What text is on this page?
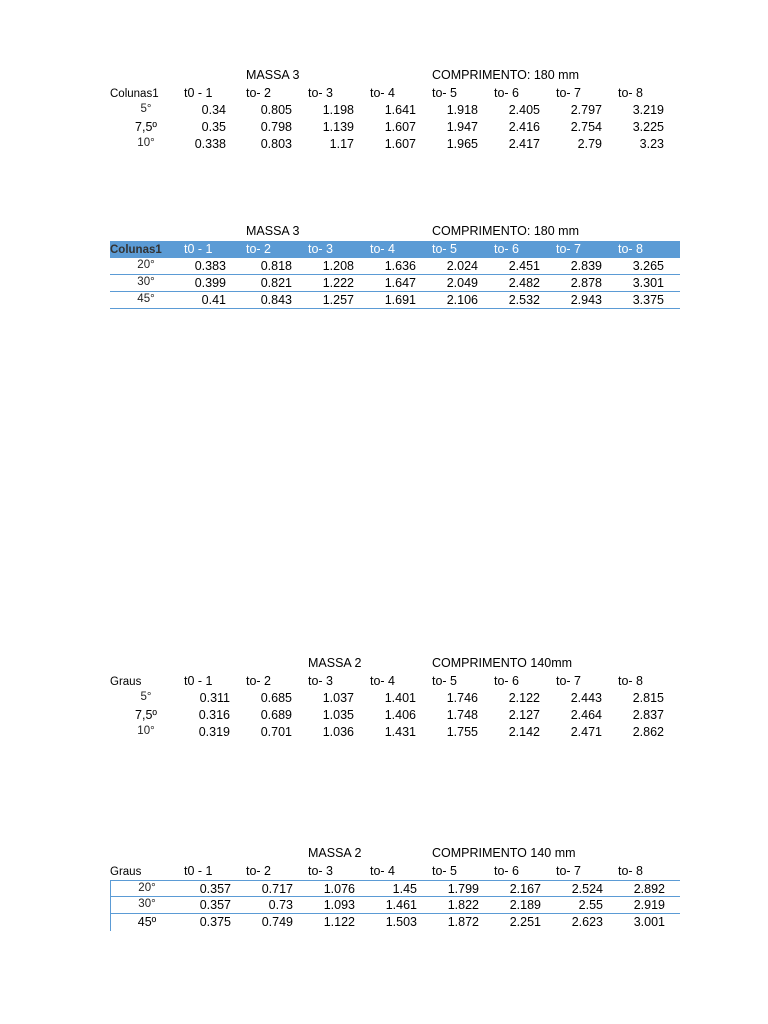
MASSA 3	COMPRIMENTO: 180 mm
Colunas1	t0 - 1	to- 2	to- 3	to- 4	to- 5	to- 6	to- 7	to- 8
5°	0.34	0.805	1.198	1.641	1.918	2.405	2.797	3.219
7,5º	0.35	0.798	1.139	1.607	1.947	2.416	2.754	3.225
10°	0.338	0.803	1.17	1.607	1.965	2.417	2.79	3.23
MASSA 3	COMPRIMENTO: 180 mm
Colunas1	t0 - 1	to- 2	to- 3	to- 4	to- 5	to- 6	to- 7	to- 8
20°	0.383	0.818	1.208	1.636	2.024	2.451	2.839	3.265
30°	0.399	0.821	1.222	1.647	2.049	2.482	2.878	3.301
45°	0.41	0.843	1.257	1.691	2.106	2.532	2.943	3.375
MASSA 2	COMPRIMENTO 140mm
Graus	t0 - 1	to- 2	to- 3	to- 4	to- 5	to- 6	to- 7	to- 8
5°	0.311	0.685	1.037	1.401	1.746	2.122	2.443	2.815
7,5º	0.316	0.689	1.035	1.406	1.748	2.127	2.464	2.837
10°	0.319	0.701	1.036	1.431	1.755	2.142	2.471	2.862
MASSA 2	COMPRIMENTO 140 mm
Graus	t0 - 1	to- 2	to- 3	to- 4	to- 5	to- 6	to- 7	to- 8
20°	0.357	0.717	1.076	1.45	1.799	2.167	2.524	2.892
30°	0.357	0.73	1.093	1.461	1.822	2.189	2.55	2.919
45º	0.375	0.749	1.122	1.503	1.872	2.251	2.623	3.001
